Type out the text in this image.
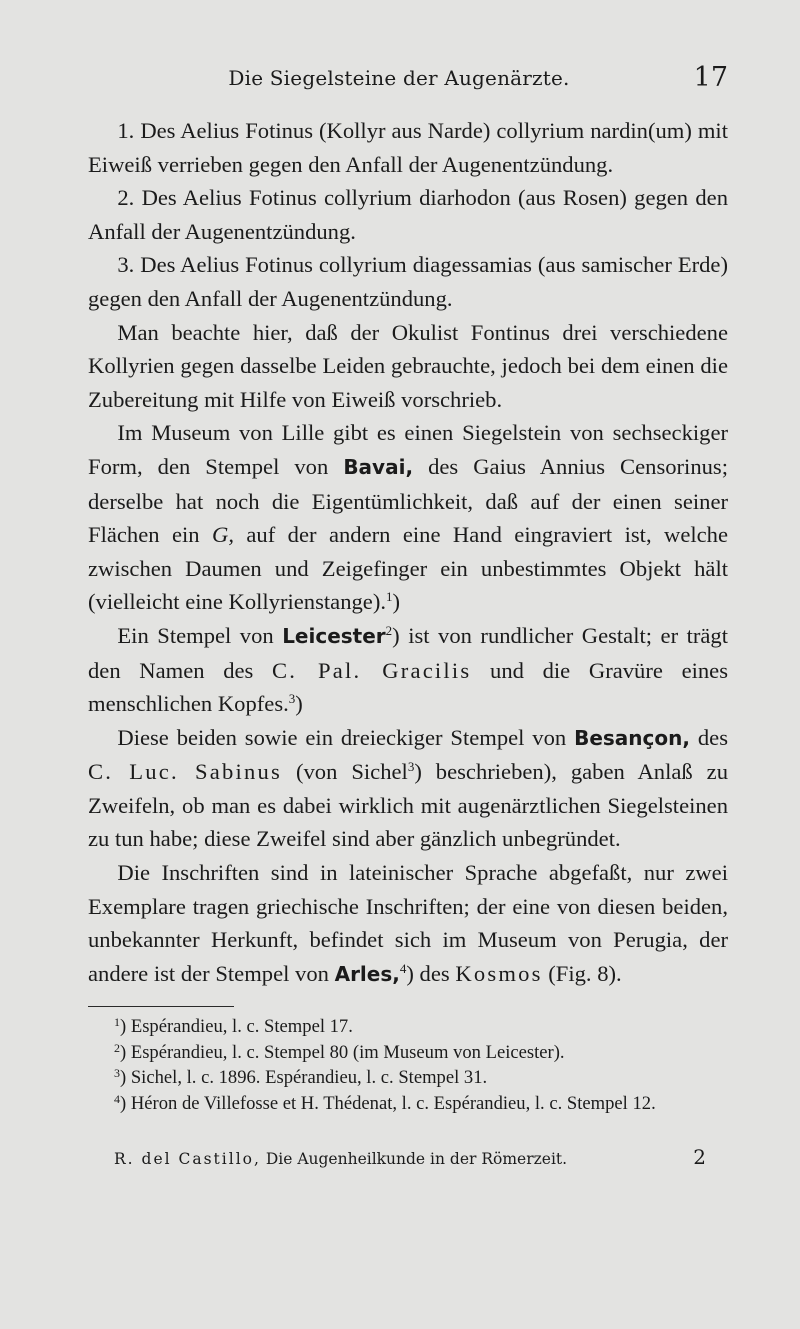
Die Siegelsteine der Augenärzte.	17

1. Des Aelius Fotinus (Kollyr aus Narde) collyrium nardin(um) mit Eiweiß verrieben gegen den Anfall der Augenentzündung.

2. Des Aelius Fotinus collyrium diarhodon (aus Rosen) gegen den Anfall der Augenentzündung.

3. Des Aelius Fotinus collyrium diagessamias (aus samischer Erde) gegen den Anfall der Augenentzündung.

Man beachte hier, daß der Okulist Fontinus drei verschiedene Kollyrien gegen dasselbe Leiden gebrauchte, jedoch bei dem einen die Zubereitung mit Hilfe von Eiweiß vorschrieb.

Im Museum von Lille gibt es einen Siegelstein von sechseckiger Form, den Stempel von Bavai, des Gaius Annius Censorinus; derselbe hat noch die Eigentümlichkeit, daß auf der einen seiner Flächen ein G, auf der andern eine Hand eingraviert ist, welche zwischen Daumen und Zeigefinger ein unbestimmtes Objekt hält (vielleicht eine Kollyrienstange).$^1$)

Ein Stempel von Leicester$^2$) ist von rundlicher Gestalt; er trägt den Namen des C. Pal. Gracilis und die Gravüre eines menschlichen Kopfes.$^3$)

Diese beiden sowie ein dreieckiger Stempel von Besançon, des C. Luc. Sabinus (von Sichel$^3$) beschrieben), gaben Anlaß zu Zweifeln, ob man es dabei wirklich mit augenärztlichen Siegelsteinen zu tun habe; diese Zweifel sind aber gänzlich unbegründet.

Die Inschriften sind in lateinischer Sprache abgefaßt, nur zwei Exemplare tragen griechische Inschriften; der eine von diesen beiden, unbekannter Herkunft, befindet sich im Museum von Perugia, der andere ist der Stempel von Arles,$^4$) des Kosmos (Fig. 8).

$^1$) Espérandieu, l. c. Stempel 17.

$^2$) Espérandieu, l. c. Stempel 80 (im Museum von Leicester).

$^3$) Sichel, l. c. 1896. Espérandieu, l. c. Stempel 31.

$^4$) Héron de Villefosse et H. Thédenat, l. c. Espérandieu, l. c. Stempel 12.

R. del Castillo, Die Augenheilkunde in der Römerzeit.	2
